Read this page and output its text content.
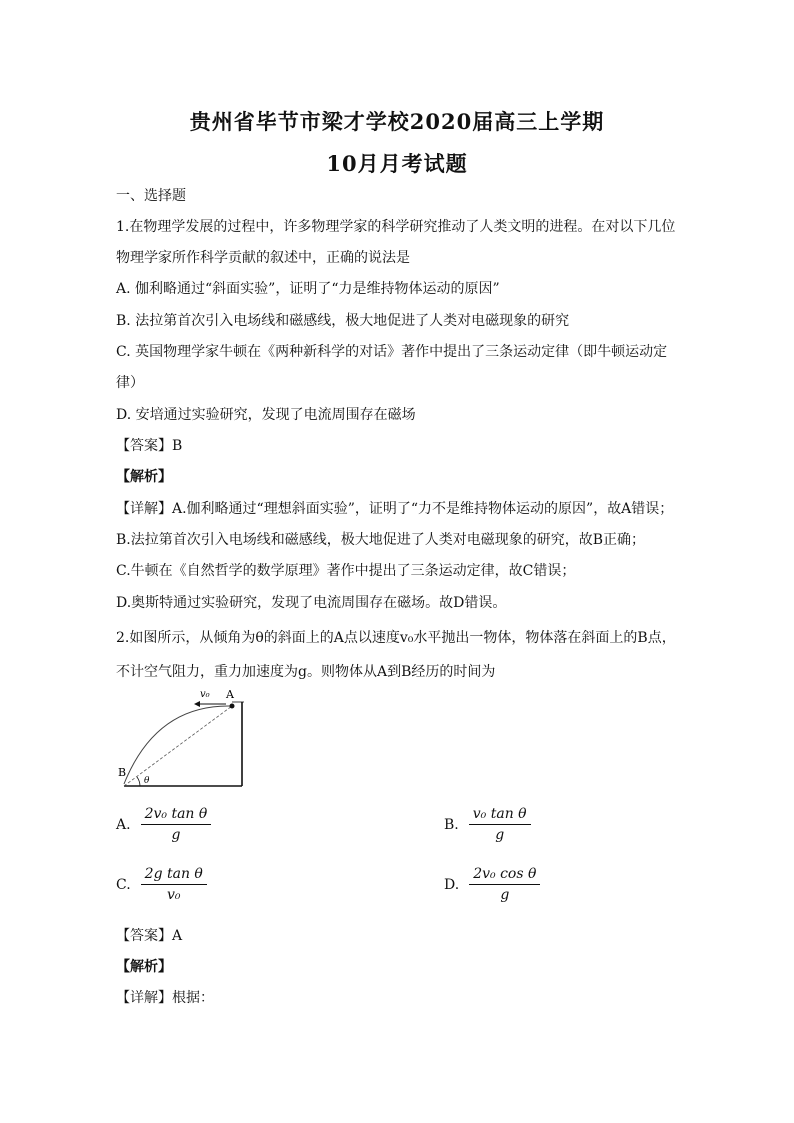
贵州省毕节市梁才学校2020届高三上学期
10月月考试题
一、选择题
1.在物理学发展的过程中，许多物理学家的科学研究推动了人类文明的进程。在对以下几位
物理学家所作科学贡献的叙述中，正确的说法是
A. 伽利略通过“斜面实验”，证明了“力是维持物体运动的原因”
B. 法拉第首次引入电场线和磁感线，极大地促进了人类对电磁现象的研究
C. 英国物理学家牛顿在《两种新科学的对话》著作中提出了三条运动定律（即牛顿运动定
律）
D. 安培通过实验研究，发现了电流周围存在磁场
【答案】B
【解析】
【详解】A.伽利略通过“理想斜面实验”，证明了“力不是维持物体运动的原因”，故A错误；
B.法拉第首次引入电场线和磁感线，极大地促进了人类对电磁现象的研究，故B正确；
C.牛顿在《自然哲学的数学原理》著作中提出了三条运动定律，故C错误；
D.奥斯特通过实验研究，发现了电流周围存在磁场。故D错误。
2.如图所示，从倾角为θ的斜面上的A点以速度v₀水平抛出一物体，物体落在斜面上的B点，
不计空气阻力，重力加速度为g。则物体从A到B经历的时间为
v₀ A
B
θ
A. $\frac{\text{2v₀ tan θ}}{g}$	B. $\frac{\text{v₀ tan θ}}{g}$
C. $\frac{\text{2g tan θ}}{\text{v₀}}$	D. $\frac{\text{2v₀ cos θ}}{g}$
【答案】A
【解析】
【详解】根据：
